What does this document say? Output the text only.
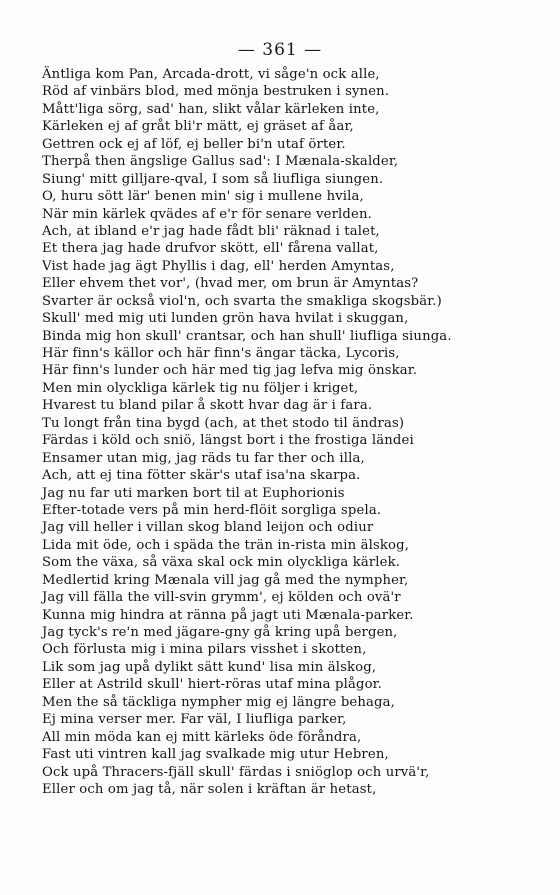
— 361 —
Äntliga kom Pan, Arcada-drott, vi såge'n ock alle,
Röd af vinbärs blod, med mönja bestruken i synen.
Mått'liga sörg, sad' han, slikt vålar kärleken inte,
Kärleken ej af gråt bli'r mätt, ej gräset af åar,
Gettren ock ej af löf, ej beller bi'n utaf örter.
Therpå then ängslige Gallus sad': I Mænala-skalder,
Siung' mitt gilljare-qval, I som så liufliga siungen.
O, huru sött lär' benen min' sig i mullene hvila,
När min kärlek qvädes af e'r för senare verlden.
Ach, at ibland e'r jag hade fådt bli' räknad i talet,
Et thera jag hade drufvor skött, ell' fårena vallat,
Vist hade jag ägt Phyllis i dag, ell' herden Amyntas,
Eller ehvem thet vor', (hvad mer, om brun är Amyntas?
Svarter är också viol'n, och svarta the smakliga skogsbär.)
Skull' med mig uti lunden grön hava hvilat i skuggan,
Binda mig hon skull' crantsar, och han shull' liufliga siunga.
Här finn's källor och här finn's ängar täcka, Lycoris,
Här finn's lunder och här med tig jag lefva mig önskar.
Men min olyckliga kärlek tig nu följer i kriget,
Hvarest tu bland pilar å skott hvar dag är i fara.
Tu longt från tina bygd (ach, at thet stodo til ändras)
Färdas i köld och sniö, längst bort i the frostiga ländei
Ensamer utan mig, jag räds tu far ther och illa,
Ach, att ej tina fötter skär's utaf isa'na skarpa.
Jag nu far uti marken bort til at Euphorionis
Efter-totade vers på min herd-flöit sorgliga spela.
Jag vill heller i villan skog bland leijon och odiur
Lida mit öde, och i späda the trän in-rista min älskog,
Som the växa, så växa skal ock min olyckliga kärlek.
Medlertid kring Mænala vill jag gå med the nympher,
Jag vill fälla the vill-svin grymm', ej kölden och ovä'r
Kunna mig hindra at ränna på jagt uti Mænala-parker.
Jag tyck's re'n med jägare-gny gå kring upå bergen,
Och förlusta mig i mina pilars visshet i skotten,
Lik som jag upå dylikt sätt kund' lisa min älskog,
Eller at Astrild skull' hiert-röras utaf mina plågor.
Men the så täckliga nympher mig ej längre behaga,
Ej mina verser mer. Far väl, I liufliga parker,
All min möda kan ej mitt kärleks öde föråndra,
Fast uti vintren kall jag svalkade mig utur Hebren,
Ock upå Thracers-fjäll skull' färdas i sniöglop och urvä'r,
Eller och om jag tå, när solen i kräftan är hetast,
